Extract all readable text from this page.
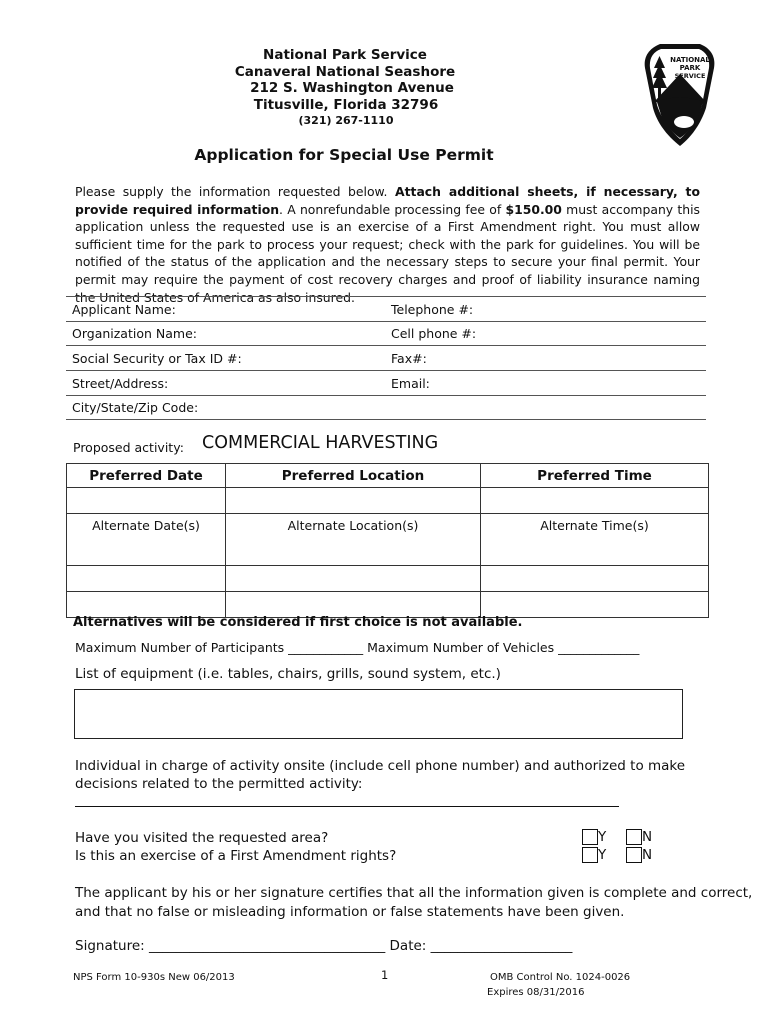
National Park Service
Canaveral National Seashore
212 S. Washington Avenue
Titusville, Florida 32796
(321) 267-1110
NATIONAL
PARK
SERVICE
Application for Special Use Permit
Please supply the information requested below. Attach additional sheets, if necessary, to provide required information. A nonrefundable processing fee of $150.00 must accompany this application unless the requested use is an exercise of a First Amendment right. You must allow sufficient time for the park to process your request; check with the park for guidelines. You will be notified of the status of the application and the necessary steps to secure your final permit. Your permit may require the payment of cost recovery charges and proof of liability insurance naming the United States of America as also insured.
Applicant Name:	Telephone #:
Organization Name:	Cell phone #:
Social Security or Tax ID #:	Fax#:
Street/Address:	Email:
City/State/Zip Code:
Proposed activity: COMMERCIAL HARVESTING
Preferred Date	Preferred Location	Preferred Time

Alternate Date(s)	Alternate Location(s)	Alternate Time(s)

Alternatives will be considered if first choice is not available.
Maximum Number of Participants ____________ Maximum Number of Vehicles _____________
List of equipment (i.e. tables, chairs, grills, sound system, etc.)
Individual in charge of activity onsite (include cell phone number) and authorized to make
decisions related to the permitted activity:
Have you visited the requested area?	Y	N
Is this an exercise of a First Amendment rights?	Y	N
The applicant by his or her signature certifies that all the information given is complete and correct,
and that no false or misleading information or false statements have been given.
Signature: ___________________________________ Date: _____________________
NPS Form 10-930s New 06/2013	1	OMB Control No. 1024-0026
Expires 08/31/2016
